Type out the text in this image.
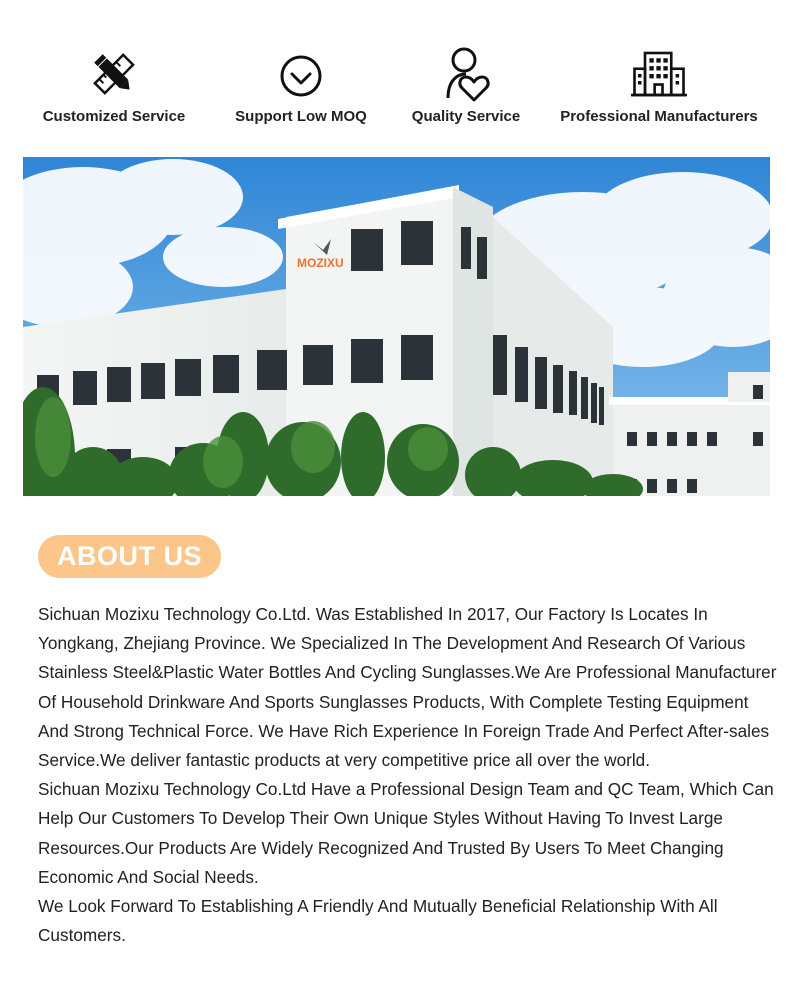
Customized Service	Support Low MOQ	Quality Service	Professional Manufacturers
MOZIXU
ABOUT US

Sichuan Mozixu Technology Co.Ltd. Was Established In 2017, Our Factory Is Locates In Yongkang, Zhejiang Province. We Specialized In The Development And Research Of Various Stainless Steel&Plastic Water Bottles And Cycling Sunglasses.We Are Professional Manufacturer Of Household Drinkware And Sports Sunglasses Products, With Complete Testing Equipment And Strong Technical Force. We Have Rich Experience In Foreign Trade And Perfect After-sales Service.We deliver fantastic products at very competitive price all over the world.

Sichuan Mozixu Technology Co.Ltd Have a Professional Design Team and QC Team, Which Can Help Our Customers To Develop Their Own Unique Styles Without Having To Invest Large Resources.Our Products Are Widely Recognized And Trusted By Users To Meet Changing Economic And Social Needs.

We Look Forward To Establishing A Friendly And Mutually Beneficial Relationship With All Customers.
